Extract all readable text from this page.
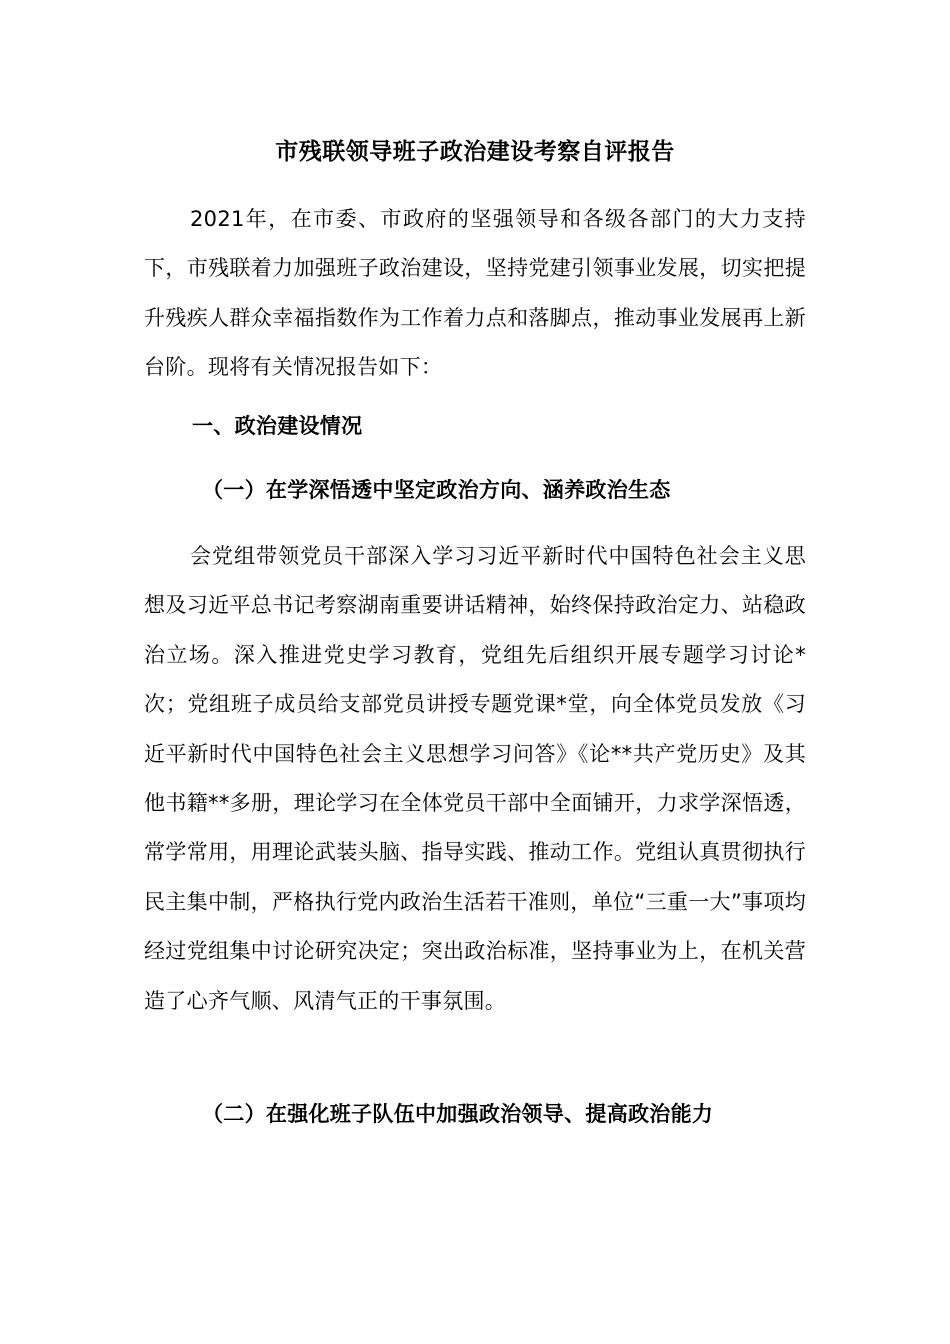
市残联领导班子政治建设考察自评报告
2021年，在市委、市政府的坚强领导和各级各部门的大力支持下，市残联着力加强班子政治建设，坚持党建引领事业发展，切实把提升残疾人群众幸福指数作为工作着力点和落脚点，推动事业发展再上新台阶。现将有关情况报告如下：
一、政治建设情况
（一）在学深悟透中坚定政治方向、涵养政治生态
会党组带领党员干部深入学习习近平新时代中国特色社会主义思想及习近平总书记考察湖南重要讲话精神，始终保持政治定力、站稳政治立场。深入推进党史学习教育，党组先后组织开展专题学习讨论*次；党组班子成员给支部党员讲授专题党课*堂，向全体党员发放《习近平新时代中国特色社会主义思想学习问答》《论**共产党历史》及其他书籍**多册，理论学习在全体党员干部中全面铺开，力求学深悟透，常学常用，用理论武装头脑、指导实践、推动工作。党组认真贯彻执行民主集中制，严格执行党内政治生活若干准则，单位“三重一大”事项均经过党组集中讨论研究决定；突出政治标准，坚持事业为上，在机关营造了心齐气顺、风清气正的干事氛围。
（二）在强化班子队伍中加强政治领导、提高政治能力
